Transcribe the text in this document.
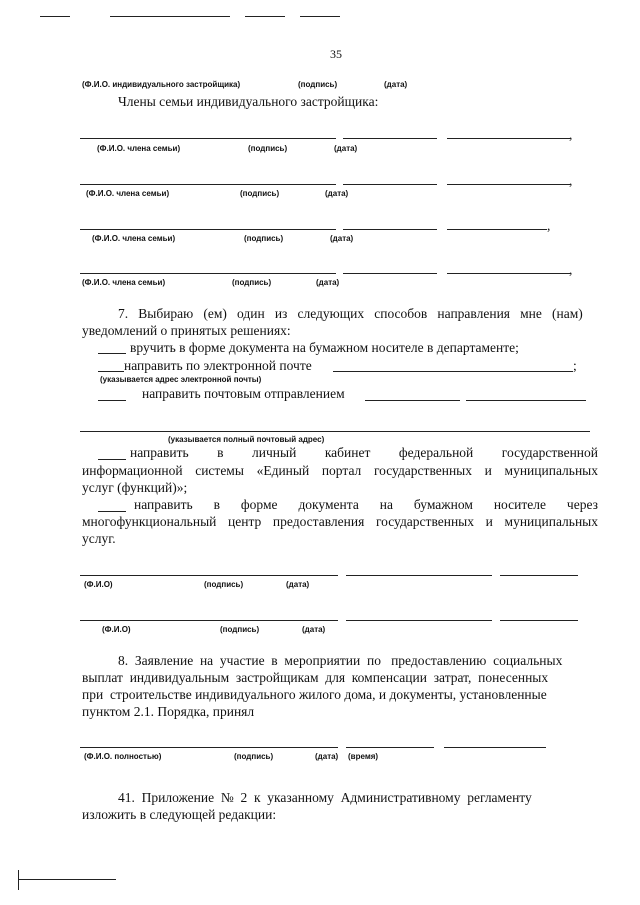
35
(Ф.И.О. индивидуального застройщика)	(подпись)	(дата)
Члены семьи индивидуального застройщика:
,
(Ф.И.О. члена семьи)	(подпись)	(дата)
,
(Ф.И.О. члена семьи)	(подпись)	(дата)
,
(Ф.И.О. члена семьи)	(подпись)	(дата)
,
(Ф.И.О. члена семьи)	(подпись)	(дата)
7.   Выбираю   (ем)   один   из   следующих   способов   направления   мне   (нам)
уведомлений о принятых решениях:
вручить в форме документа на бумажном носителе в департаменте;
направить по электронной почте	;
(указывается адрес электронной почты)
направить почтовым отправлением
(указывается полный почтовый адрес)
направить в личный кабинет федеральной государственной
информационной системы «Единый портал государственных и муниципальных
услуг (функций)»;
направить в форме документа на бумажном носителе через
многофункциональный центр предоставления государственных и муниципальных
услуг.
(Ф.И.О)	(подпись)	(дата)
(Ф.И.О)	(подпись)	(дата)
8.  Заявление  на  участие  в  мероприятии  по   предоставлению  социальных
выплат  индивидуальным  застройщикам  для  компенсации  затрат,  понесенных
при  строительстве индивидуального жилого дома, и документы, установленные
пунктом 2.1. Порядка, принял
(Ф.И.О. полностью)	(подпись)	(дата) (время)
41.  Приложение  №  2  к  указанному  Административному  регламенту
изложить в следующей редакции:
